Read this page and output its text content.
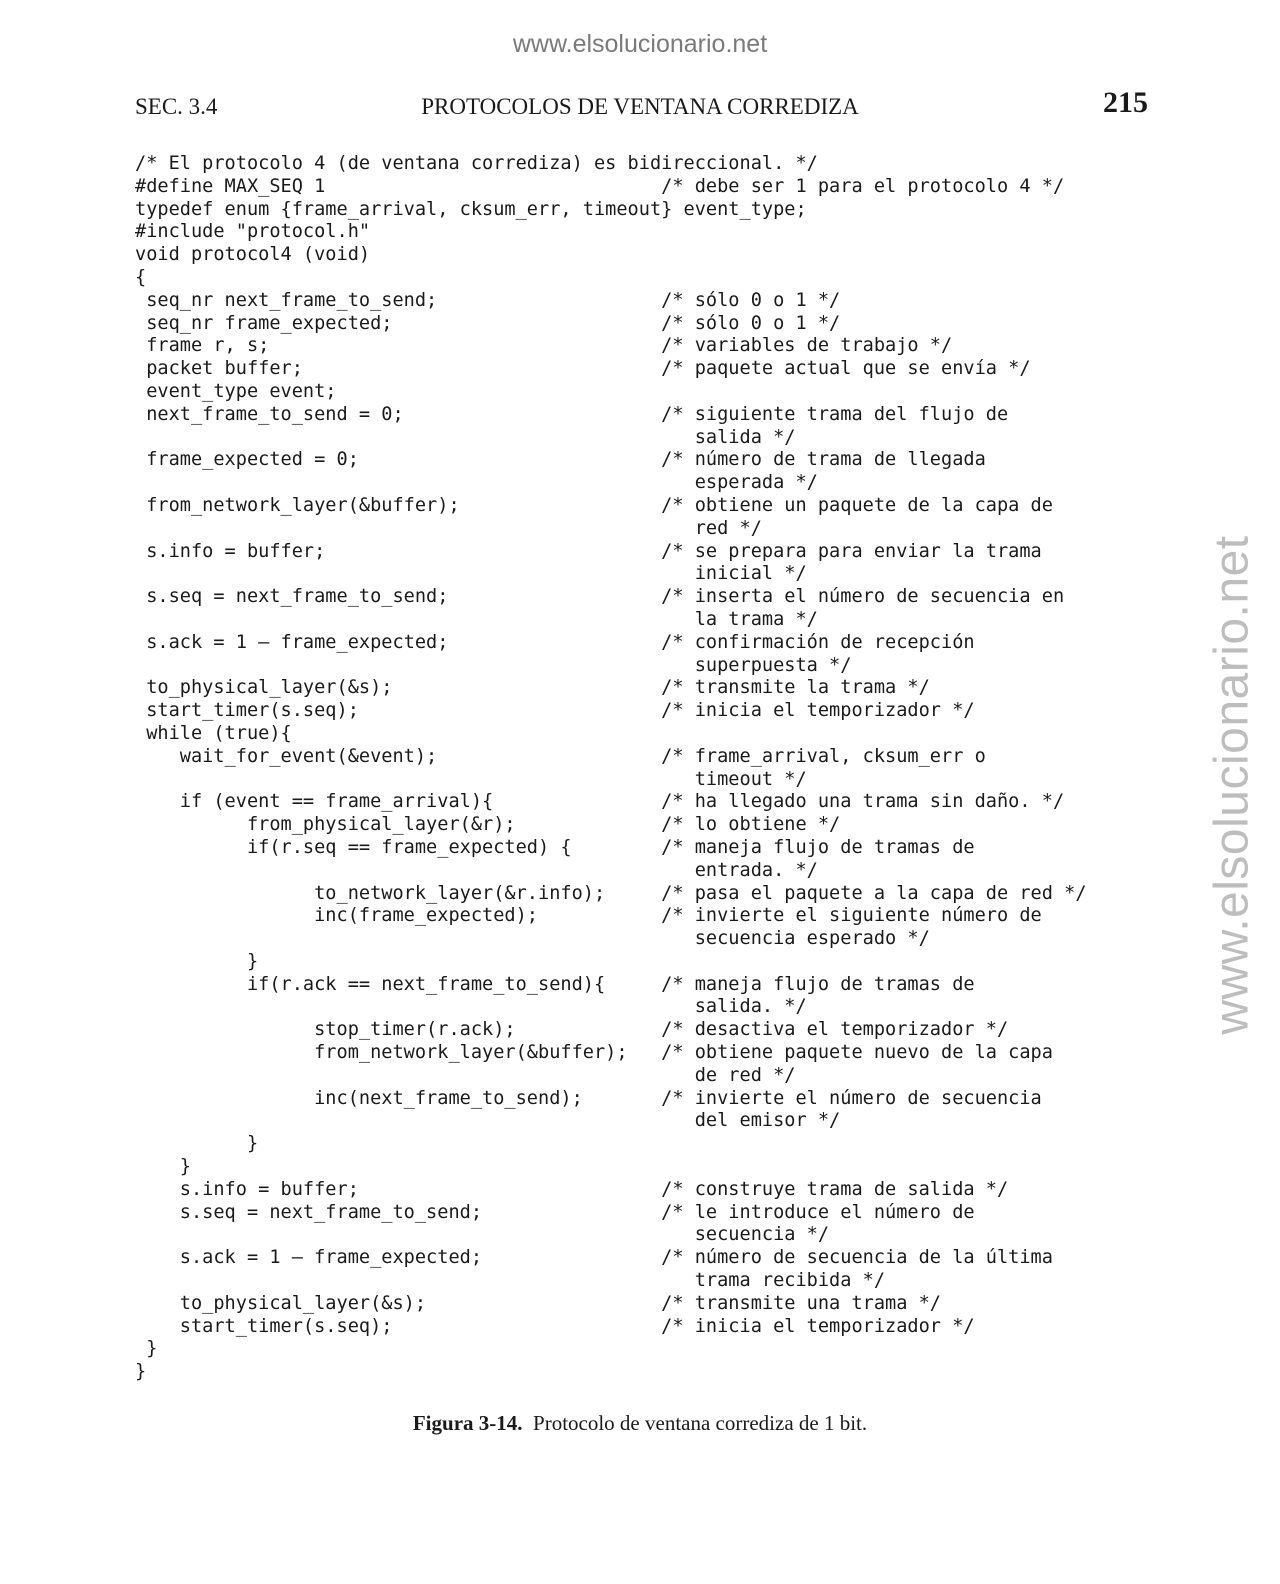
www.elsolucionario.net
www.elsolucionario.net
SEC. 3.4	PROTOCOLOS DE VENTANA CORREDIZA	215
/* El protocolo 4 (de ventana corrediza) es bidireccional. */
#define MAX_SEQ 1                              /* debe ser 1 para el protocolo 4 */
typedef enum {frame_arrival, cksum_err, timeout} event_type;
#include "protocol.h"
void protocol4 (void)
{
seq_nr next_frame_to_send;                    /* sólo 0 o 1 */
seq_nr frame_expected;                        /* sólo 0 o 1 */
frame r, s;                                   /* variables de trabajo */
packet buffer;                                /* paquete actual que se envía */
event_type event;
next_frame_to_send = 0;                       /* siguiente trama del flujo de
salida */
frame_expected = 0;                           /* número de trama de llegada
esperada */
from_network_layer(&buffer);                  /* obtiene un paquete de la capa de
red */
s.info = buffer;                              /* se prepara para enviar la trama
inicial */
s.seq = next_frame_to_send;                   /* inserta el número de secuencia en
la trama */
s.ack = 1 – frame_expected;                   /* confirmación de recepción
superpuesta */
to_physical_layer(&s);                        /* transmite la trama */
start_timer(s.seq);                           /* inicia el temporizador */
while (true){
wait_for_event(&event);                    /* frame_arrival, cksum_err o
timeout */
if (event == frame_arrival){               /* ha llegado una trama sin daño. */
from_physical_layer(&r);             /* lo obtiene */
if(r.seq == frame_expected) {        /* maneja flujo de tramas de
entrada. */
to_network_layer(&r.info);     /* pasa el paquete a la capa de red */
inc(frame_expected);           /* invierte el siguiente número de
secuencia esperado */
}
if(r.ack == next_frame_to_send){     /* maneja flujo de tramas de
salida. */
stop_timer(r.ack);             /* desactiva el temporizador */
from_network_layer(&buffer);   /* obtiene paquete nuevo de la capa
de red */
inc(next_frame_to_send);       /* invierte el número de secuencia
del emisor */
}
}
s.info = buffer;                           /* construye trama de salida */
s.seq = next_frame_to_send;                /* le introduce el número de
secuencia */
s.ack = 1 – frame_expected;                /* número de secuencia de la última
trama recibida */
to_physical_layer(&s);                     /* transmite una trama */
start_timer(s.seq);                        /* inicia el temporizador */
}
}
Figura 3-14. Protocolo de ventana corrediza de 1 bit.
